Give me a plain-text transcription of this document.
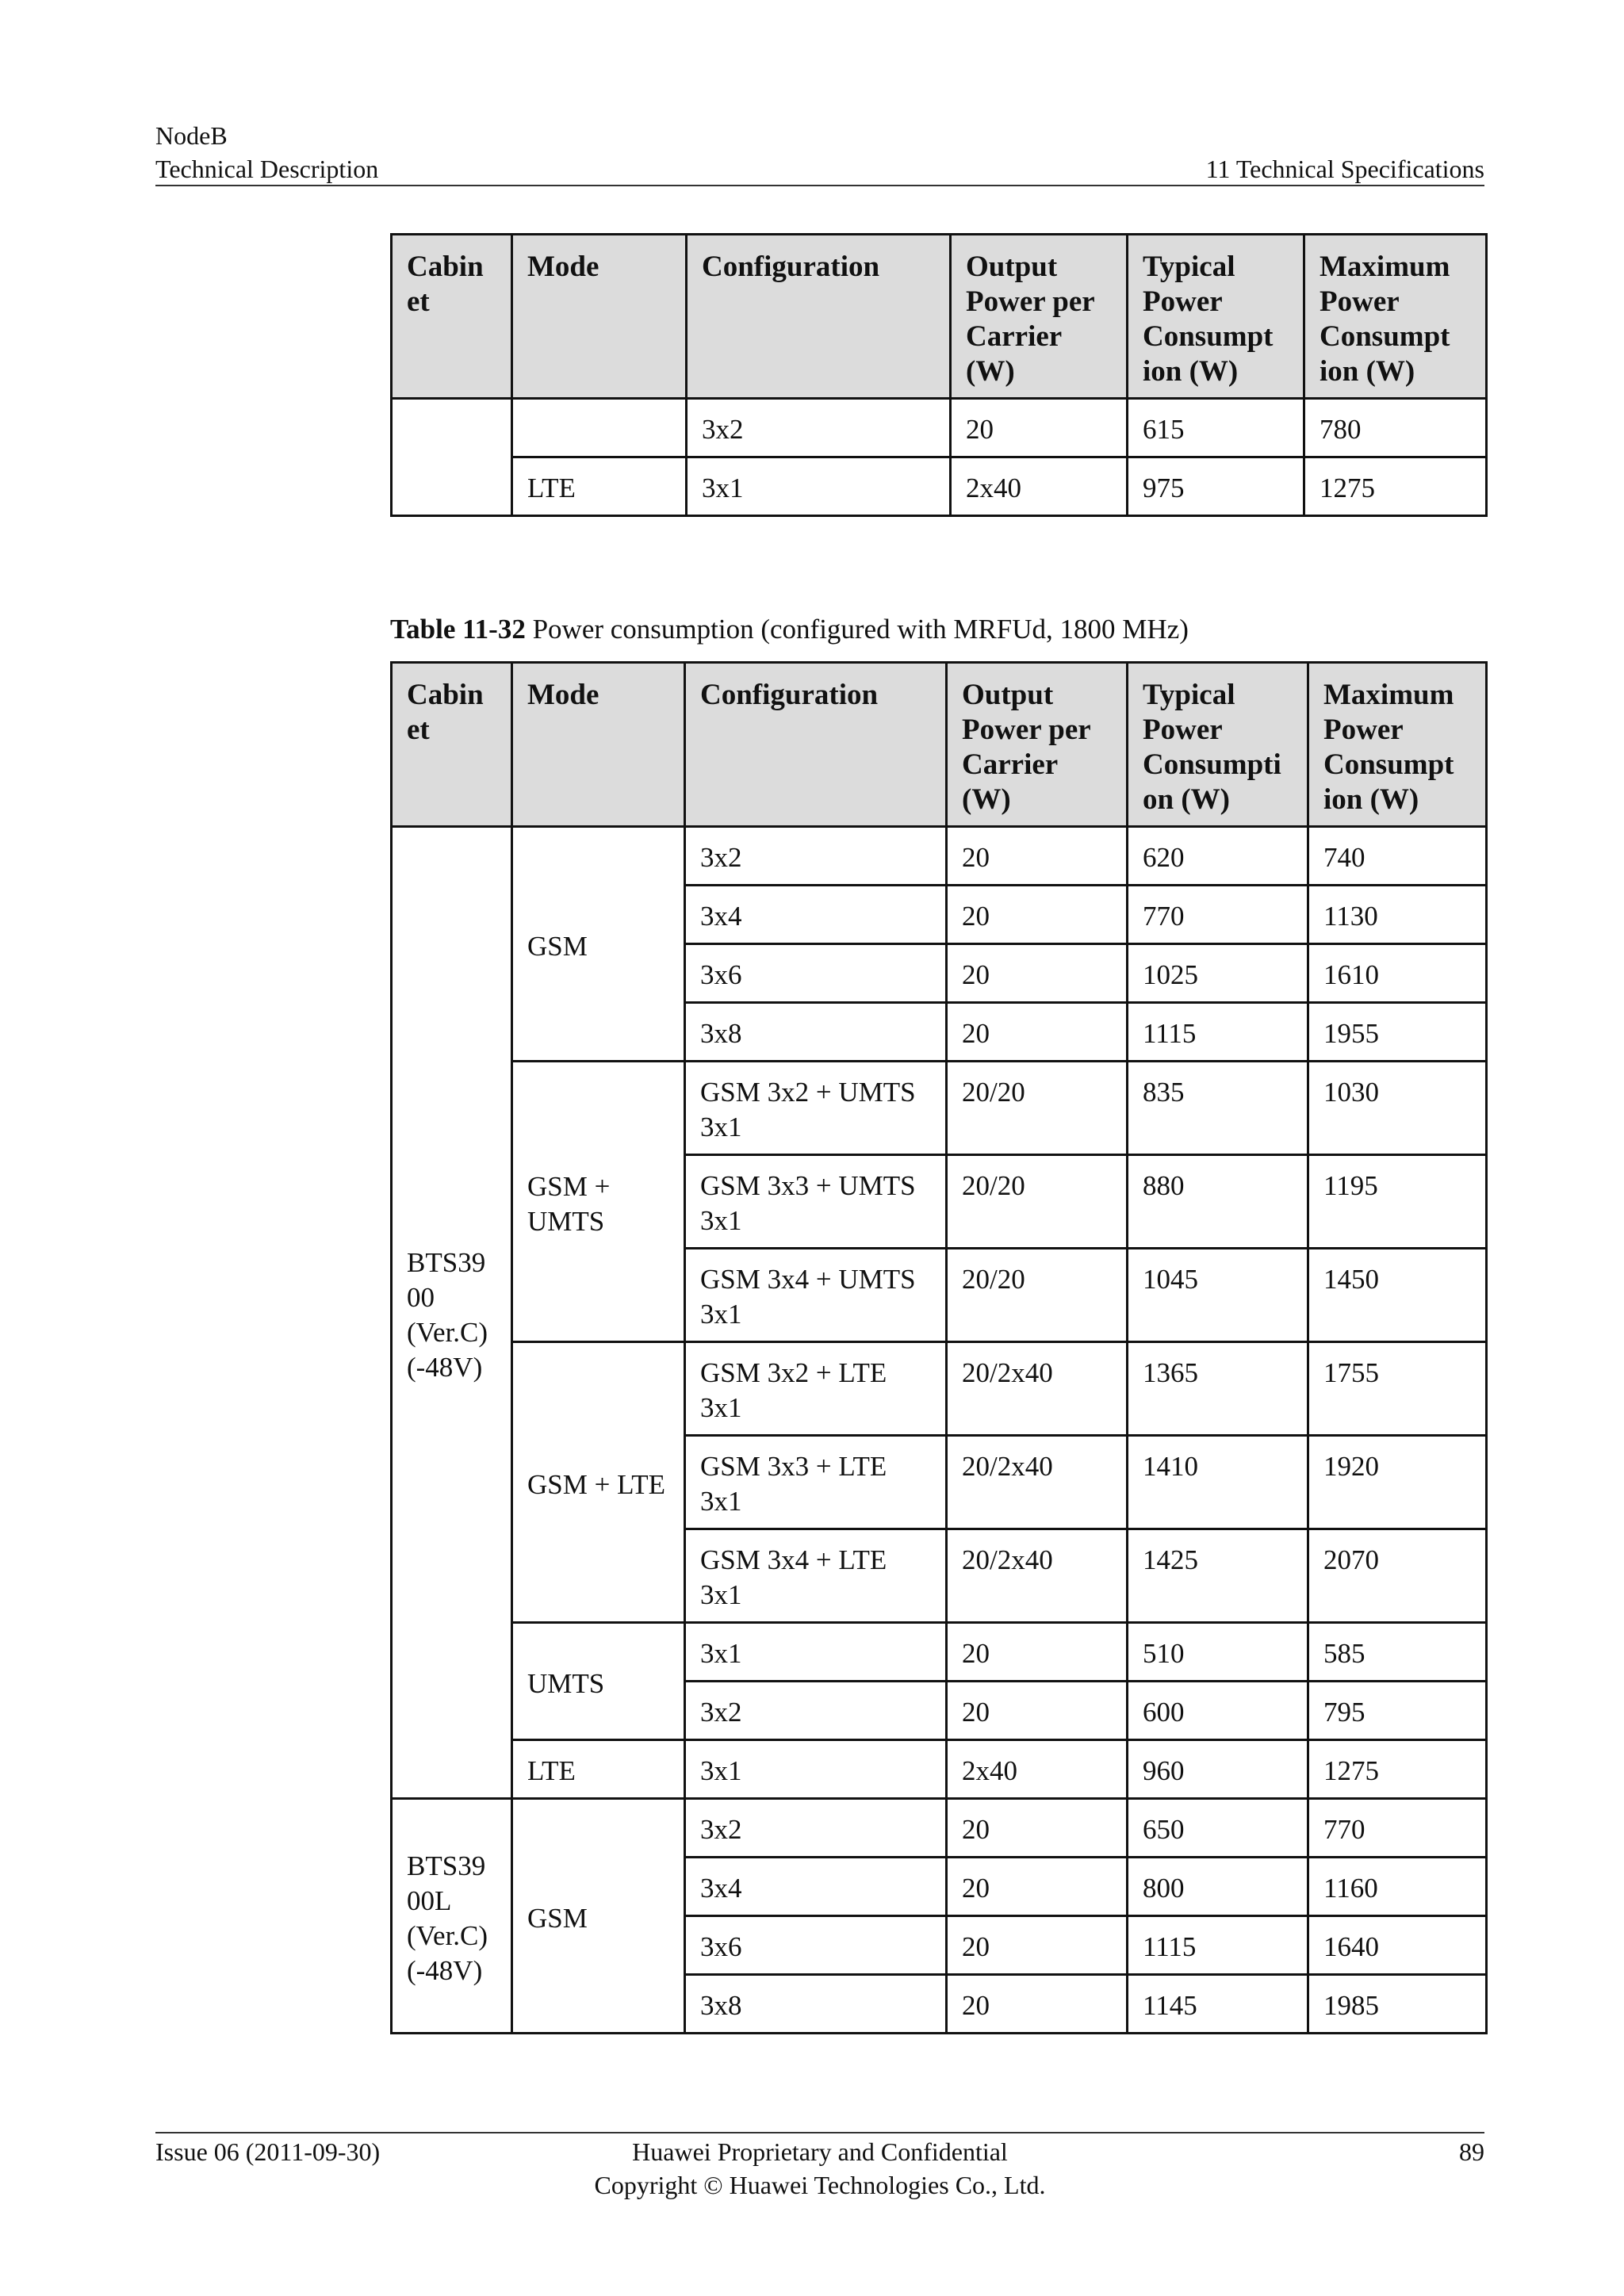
NodeB
Technical Description	11 Technical Specifications
Cabin et	Mode	Configuration	Output Power per Carrier (W)	Typical Power Consumpt ion (W)	Maximum Power Consumpt ion (W)
		3x2	20	615	780
	LTE	3x1	2x40	975	1275
Table 11-32 Power consumption (configured with MRFUd, 1800 MHz)
Cabin et	Mode	Configuration	Output Power per Carrier (W)	Typical Power Consumpti on (W)	Maximum Power Consumpt ion (W)
BTS39 00 (Ver.C) (-48V)	GSM	3x2	20	620	740
		3x4	20	770	1130
		3x6	20	1025	1610
		3x8	20	1115	1955
	GSM + UMTS	GSM 3x2 + UMTS 3x1	20/20	835	1030
		GSM 3x3 + UMTS 3x1	20/20	880	1195
		GSM 3x4 + UMTS 3x1	20/20	1045	1450
	GSM + LTE	GSM 3x2 + LTE 3x1	20/2x40	1365	1755
		GSM 3x3 + LTE 3x1	20/2x40	1410	1920
		GSM 3x4 + LTE 3x1	20/2x40	1425	2070
	UMTS	3x1	20	510	585
		3x2	20	600	795
	LTE	3x1	2x40	960	1275
BTS39 00L (Ver.C) (-48V)	GSM	3x2	20	650	770
		3x4	20	800	1160
		3x6	20	1115	1640
		3x8	20	1145	1985
Issue 06 (2011-09-30)	Huawei Proprietary and Confidential
Copyright © Huawei Technologies Co., Ltd.
89
